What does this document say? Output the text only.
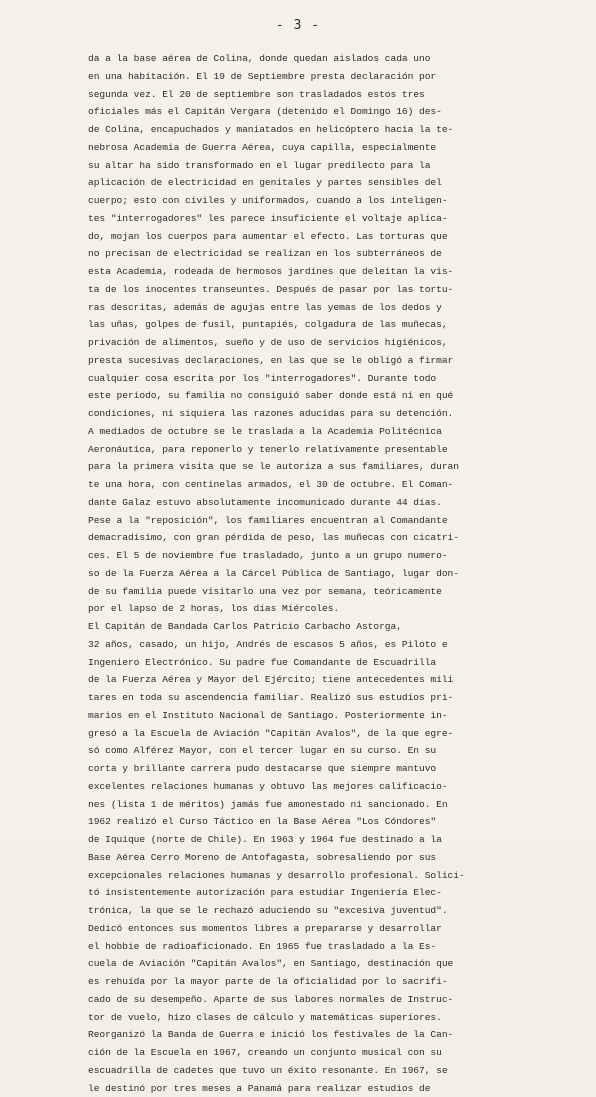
- 3 -
da a la base aérea de Colina, donde quedan aislados cada uno
en una habitación. El 19 de Septiembre presta declaración por
segunda vez. El 20 de septiembre son trasladados estos tres
oficiales más el Capitán Vergara (detenido el Domingo 16) des-
de Colina, encapuchados y maniatados en helicóptero hacia la te-
nebrosa Academia de Guerra Aérea, cuya capilla, especialmente
su altar ha sido transformado en el lugar predilecto para la
aplicación de electricidad en genitales y partes sensibles del
cuerpo; esto con civiles y uniformados, cuando a los inteligen-
tes "interrogadores" les parece insuficiente el voltaje aplica-
do, mojan los cuerpos para aumentar el efecto. Las torturas que
no precisan de electricidad se realizan en los subterráneos de
esta Academia, rodeada de hermosos jardines que deleitan la vis-
ta de los inocentes transeuntes. Después de pasar por las tortu-
ras descritas, además de agujas entre las yemas de los dedos y
las uñas, golpes de fusil, puntapiés, colgadura de las muñecas,
privación de alimentos, sueño y de uso de servicios higiénicos,
presta sucesivas declaraciones, en las que se le obligó a firmar
cualquier cosa escrita por los "interrogadores". Durante todo
este período, su familia no consiguió saber donde está ni en qué
condiciones, ni siquiera las razones aducidas para su detención.
A mediados de octubre se le traslada a la Academia Politécnica
Aeronáutica, para reponerlo y tenerlo relativamente presentable
para la primera visita que se le autoriza a sus familiares, duran
te una hora, con centinelas armados, el 30 de octubre. El Coman-
dante Galaz estuvo absolutamente incomunicado durante 44 días.
Pese a la "reposición", los familiares encuentran al Comandante
demacradísimo, con gran pérdida de peso, las muñecas con cicatri-
ces. El 5 de noviembre fue trasladado, junto a un grupo numero-
so de la Fuerza Aérea a la Cárcel Pública de Santiago, lugar don-
de su familia puede visitarlo una vez por semana, teóricamente
por el lapso de 2 horas, los días Miércoles.
El Capitán de Bandada Carlos Patricio Carbacho Astorga,
32 años, casado, un hijo, Andrés de escasos 5 años, es Piloto e
Ingeniero Electrónico. Su padre fue Comandante de Escuadrilla
de la Fuerza Aérea y Mayor del Ejército; tiene antecedentes mili
tares en toda su ascendencia familiar. Realizó sus estudios pri-
marios en el Instituto Nacional de Santiago. Posteriormente in-
gresó a la Escuela de Aviación "Capitán Avalos", de la que egre-
só como Alférez Mayor, con el tercer lugar en su curso. En su
corta y brillante carrera pudo destacarse que siempre mantuvo
excelentes relaciones humanas y obtuvo las mejores calificacio-
nes (lista 1 de méritos) jamás fue amonestado ni sancionado. En
1962 realizó el Curso Táctico en la Base Aérea "Los Cóndores"
de Iquique (norte de Chile). En 1963 y 1964 fue destinado a la
Base Aérea Cerro Moreno de Antofagasta, sobresaliendo por sus
excepcionales relaciones humanas y desarrollo profesional. Solici-
tó insistentemente autorización para estudiar Ingeniería Elec-
trónica, la que se le rechazó aduciendo su "excesiva juventud".
Dedicó entonces sus momentos libres a prepararse y desarrollar
el hobbie de radioaficionado. En 1965 fue trasladado a la Es-
cuela de Aviación "Capitán Avalos", en Santiago, destinación que
es rehuída por la mayor parte de la oficialidad por lo sacrifi-
cado de su desempeño. Aparte de sus labores normales de Instruc-
tor de vuelo, hizo clases de cálculo y matemáticas superiores.
Reorganizó la Banda de Guerra e inició los festivales de la Can-
ción de la Escuela en 1967, creando un conjunto musical con su
escuadrilla de cadetes que tuvo un éxito resonante. En 1967, se
le destinó por tres meses a Panamá para realizar estudios de
